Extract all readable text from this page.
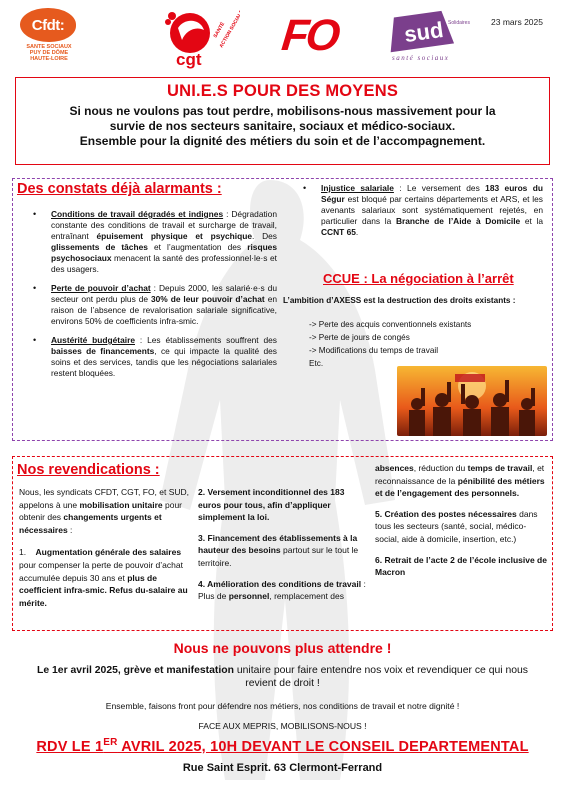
Cfdt:
SANTE SOCIAUX
PUY DE DÔME
HAUTE-LOIRE	cgt
SANTÉ
ACTION SOCIALE FO	sud Solidaires
santé sociaux
23 mars 2025
UNI.E.S POUR DES MOYENS

Si nous ne voulons pas tout perdre, mobilisons-nous massivement pour la
survie de nos secteurs sanitaire, sociaux et médico-sociaux.
Ensemble pour la dignité des métiers du soin et de l’accompagnement.

Des constats déjà alarmants :
• Conditions de travail dégradés et indignes : Dégradation constante des conditions de travail et surcharge de travail, entraînant épuisement physique et psychique. Des glissements de tâches et l’augmentation des risques psychosociaux menacent la santé des professionnel·le·s et des usagers.
• Perte de pouvoir d’achat : Depuis 2000, les salarié·e·s du secteur ont perdu plus de 30% de leur pouvoir d’achat en raison de l’absence de revalorisation salariale significative, environs 50% de coefficients infra-smic.
• Austérité budgétaire : Les établissements souffrent des baisses de financements, ce qui impacte la qualité des soins et des services, tandis que les négociations salariales restent bloquées.
• Injustice salariale : Le versement des 183 euros du Ségur est bloqué par certains départements et ARS, et les avenants salariaux sont systématiquement rejetés, en particulier dans la Branche de l’Aide à Domicile et la CCNT 65.
CCUE : La négociation à l’arrêt
L’ambition d’AXESS est la destruction des droits existants :
-> Perte des acquis conventionnels existants
-> Perte de jours de congés
-> Modifications du temps de travail
Etc.
Nos revendications :
Nous, les syndicats CFDT, CGT, FO, et SUD, appelons à une mobilisation unitaire pour obtenir des changements urgents et nécessaires :
1. Augmentation générale des salaires pour compenser la perte de pouvoir d’achat accumulée depuis 30 ans et plus de coefficient infra-smic. Refus du-salaire au mérite.
2. Versement inconditionnel des 183 euros pour tous, afin d’appliquer simplement la loi.
3. Financement des établissements à la hauteur des besoins partout sur le tout le territoire.
4. Amélioration des conditions de travail : Plus de personnel, remplacement des
absences, réduction du temps de travail, et reconnaissance de la pénibilité des métiers et de l’engagement des personnels.
5. Création des postes nécessaires dans tous les secteurs (santé, social, médico-social, aide à domicile, insertion, etc.)
6. Retrait de l’acte 2 de l’école inclusive de Macron
Nous ne pouvons plus attendre !
Le 1er avril 2025, grève et manifestation unitaire pour faire entendre nos voix et revendiquer ce qui nous revient de droit !
Ensemble, faisons front pour défendre nos métiers, nos conditions de travail et notre dignité !
FACE AUX MEPRIS, MOBILISONS-NOUS !
RDV LE 1ER AVRIL 2025, 10H DEVANT LE CONSEIL DEPARTEMENTAL
Rue Saint Esprit. 63 Clermont-Ferrand
